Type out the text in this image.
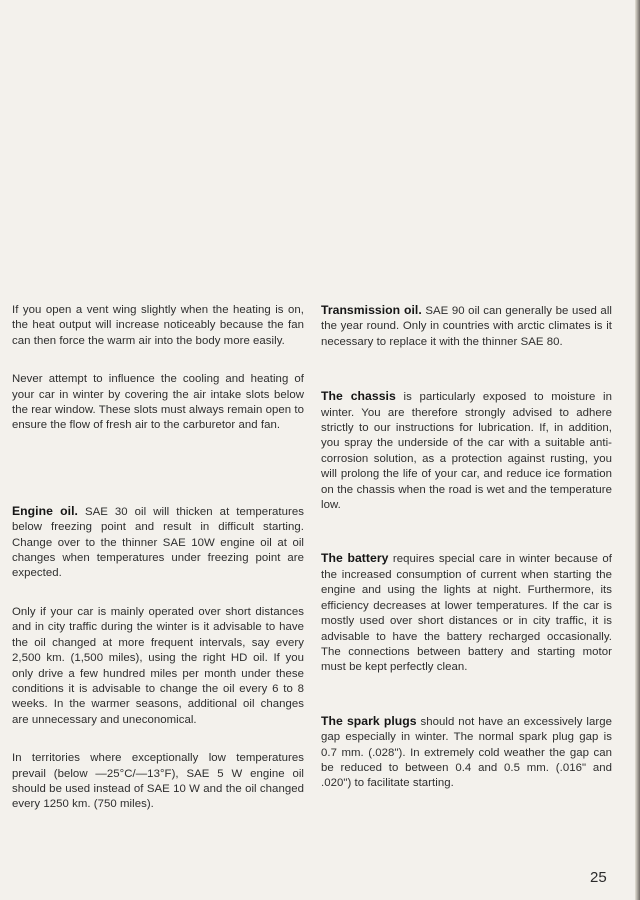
If you open a vent wing slightly when the heating is on, the heat output will increase noticeably because the fan can then force the warm air into the body more easily.

Never attempt to influence the cooling and heating of your car in winter by covering the air intake slots below the rear window. These slots must always remain open to ensure the flow of fresh air to the carburetor and fan.

Engine oil. SAE 30 oil will thicken at temperatures below freezing point and result in difficult starting. Change over to the thinner SAE 10W engine oil at oil changes when temperatures under freezing point are expected.

Only if your car is mainly operated over short distances and in city traffic during the winter is it advisable to have the oil changed at more frequent intervals, say every 2,500 km. (1,500 miles), using the right HD oil. If you only drive a few hundred miles per month under these conditions it is advisable to change the oil every 6 to 8 weeks. In the warmer seasons, additional oil changes are unnecessary and uneconomical.

In territories where exceptionally low temperatures prevail (below —25°C/—13°F), SAE 5 W engine oil should be used instead of SAE 10 W and the oil changed every 1250 km. (750 miles).

Transmission oil. SAE 90 oil can generally be used all the year round. Only in countries with arctic climates is it necessary to replace it with the thinner SAE 80.

The chassis is particularly exposed to moisture in winter. You are therefore strongly advised to adhere strictly to our instructions for lubrication. If, in addition, you spray the underside of the car with a suitable anti-corrosion solution, as a protection against rusting, you will prolong the life of your car, and reduce ice formation on the chassis when the road is wet and the temperature low.

The battery requires special care in winter because of the increased consumption of current when starting the engine and using the lights at night. Furthermore, its efficiency decreases at lower temperatures. If the car is mostly used over short distances or in city traffic, it is advisable to have the battery recharged occasionally. The connections between battery and starting motor must be kept perfectly clean.

The spark plugs should not have an excessively large gap especially in winter. The normal spark plug gap is 0.7 mm. (.028"). In extremely cold weather the gap can be reduced to between 0.4 and 0.5 mm. (.016" and .020") to facilitate starting.

25
